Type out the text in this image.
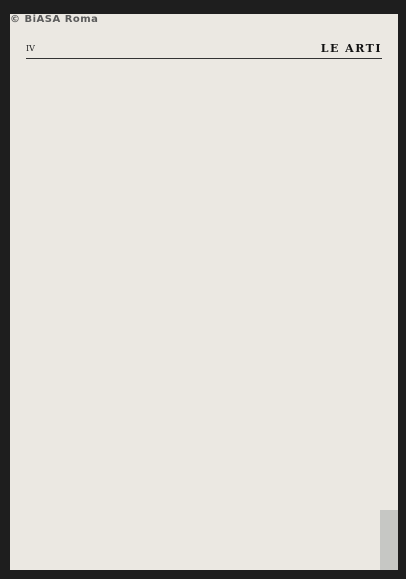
© BiASA Roma
IV	LE ARTI
